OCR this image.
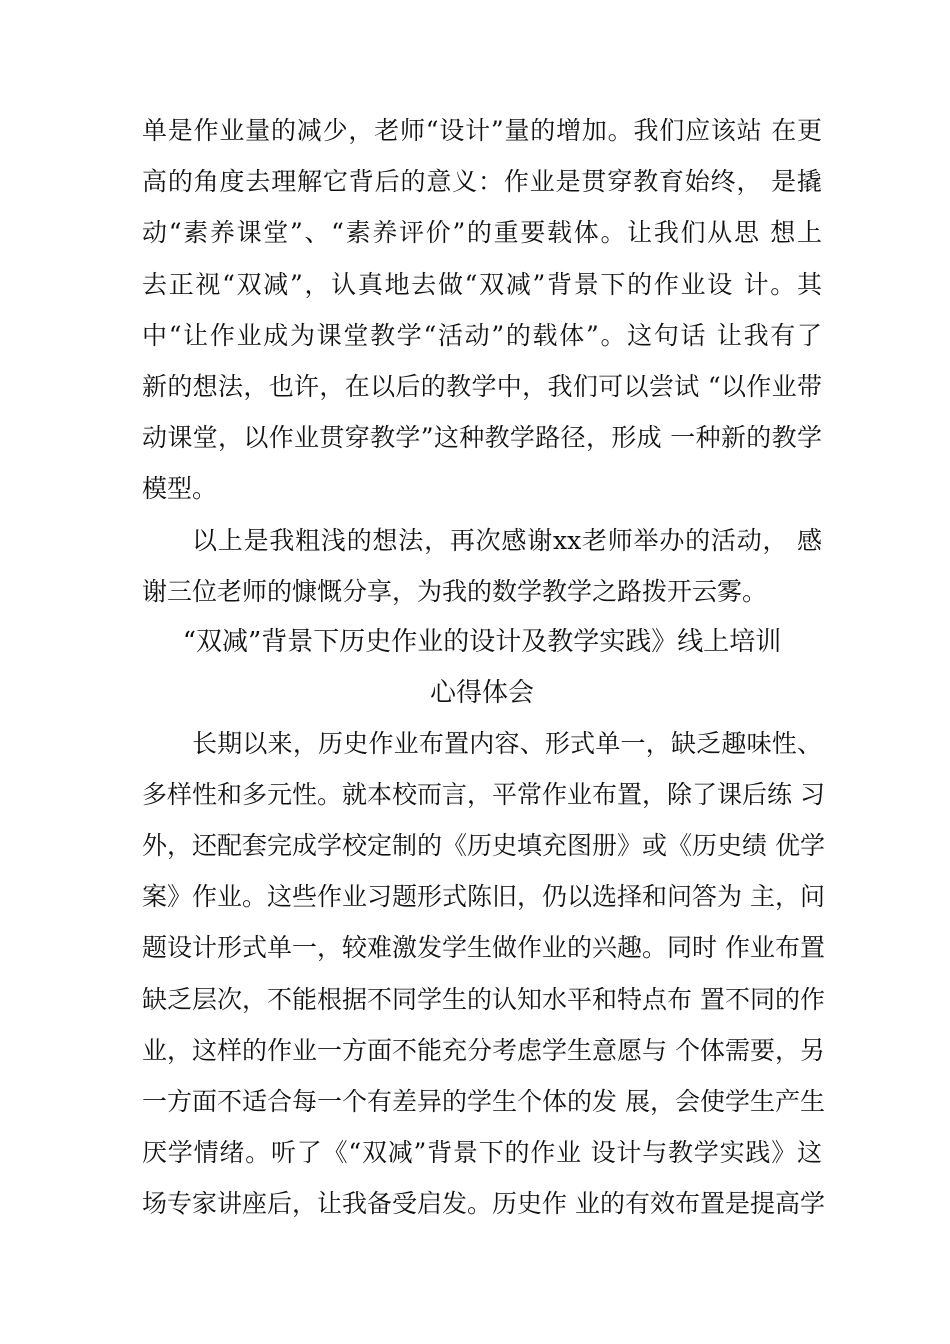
单是作业量的减少，老师“设计”量的增加。我们应该站 在更
高的角度去理解它背后的意义：作业是贯穿教育始终， 是撬
动“素养课堂”、“素养评价”的重要载体。让我们从思 想上
去正视“双减”，认真地去做“双减”背景下的作业设 计。其
中“让作业成为课堂教学“活动”的载体”。这句话 让我有了
新的想法，也许，在以后的教学中，我们可以尝试 “以作业带
动课堂，以作业贯穿教学”这种教学路径，形成 一种新的教学
模型。
以上是我粗浅的想法，再次感谢xx老师举办的活动， 感
谢三位老师的慷慨分享，为我的数学教学之路拨开云雾。
“双减”背景下历史作业的设计及教学实践》线上培训
心得体会
长期以来，历史作业布置内容、形式单一，缺乏趣味性、
多样性和多元性。就本校而言，平常作业布置，除了课后练 习
外，还配套完成学校定制的《历史填充图册》或《历史绩 优学
案》作业。这些作业习题形式陈旧，仍以选择和问答为 主，问
题设计形式单一，较难激发学生做作业的兴趣。同时 作业布置
缺乏层次，不能根据不同学生的认知水平和特点布 置不同的作
业，这样的作业一方面不能充分考虑学生意愿与 个体需要，另
一方面不适合每一个有差异的学生个体的发 展，会使学生产生
厌学情绪。听了《“双减”背景下的作业 设计与教学实践》这
场专家讲座后，让我备受启发。历史作 业的有效布置是提高学
